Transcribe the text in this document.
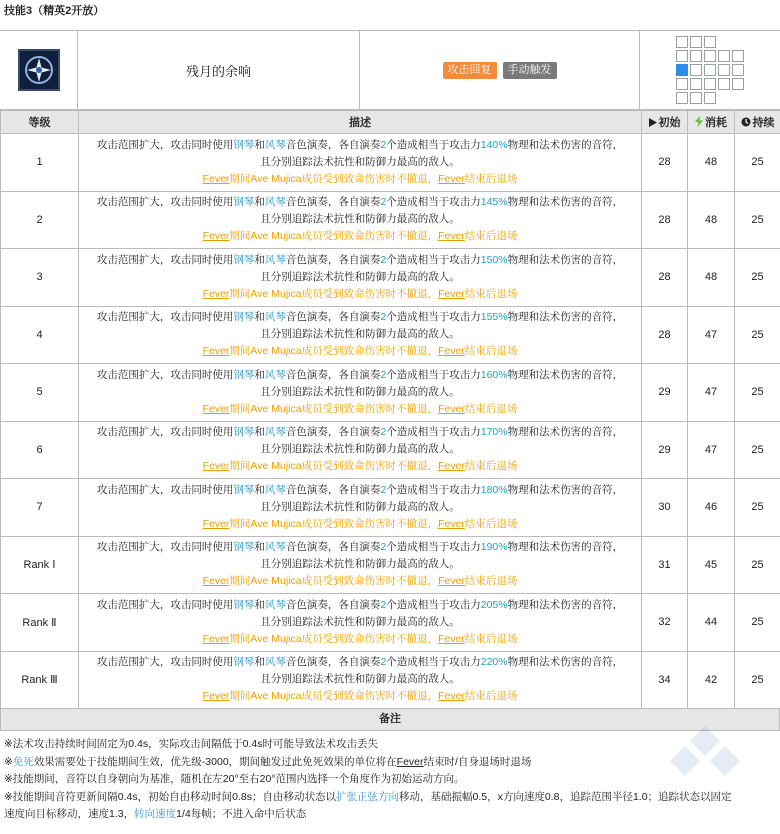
技能3（精英2开放）
残月的余响	攻击回复	手动触发
等级	描述	初始	消耗	持续
1	攻击范围扩大，攻击同时使用钢琴和风琴音色演奏，各自演奏2个造成相当于攻击力140%物理和法术伤害的音符，
且分别追踪法术抗性和防御力最高的敌人。
Fever期间Ave Mujica成员受到致命伤害时不撤退，Fever结束后退场	28	48	25
2	攻击范围扩大，攻击同时使用钢琴和风琴音色演奏，各自演奏2个造成相当于攻击力145%物理和法术伤害的音符，
且分别追踪法术抗性和防御力最高的敌人。
Fever期间Ave Mujica成员受到致命伤害时不撤退，Fever结束后退场	28	48	25
3	攻击范围扩大，攻击同时使用钢琴和风琴音色演奏，各自演奏2个造成相当于攻击力150%物理和法术伤害的音符，
且分别追踪法术抗性和防御力最高的敌人。
Fever期间Ave Mujica成员受到致命伤害时不撤退，Fever结束后退场	28	48	25
4	攻击范围扩大，攻击同时使用钢琴和风琴音色演奏，各自演奏2个造成相当于攻击力155%物理和法术伤害的音符，
且分别追踪法术抗性和防御力最高的敌人。
Fever期间Ave Mujica成员受到致命伤害时不撤退，Fever结束后退场	28	47	25
5	攻击范围扩大，攻击同时使用钢琴和风琴音色演奏，各自演奏2个造成相当于攻击力160%物理和法术伤害的音符，
且分别追踪法术抗性和防御力最高的敌人。
Fever期间Ave Mujica成员受到致命伤害时不撤退，Fever结束后退场	29	47	25
6	攻击范围扩大，攻击同时使用钢琴和风琴音色演奏，各自演奏2个造成相当于攻击力170%物理和法术伤害的音符，
且分别追踪法术抗性和防御力最高的敌人。
Fever期间Ave Mujica成员受到致命伤害时不撤退，Fever结束后退场	29	47	25
7	攻击范围扩大，攻击同时使用钢琴和风琴音色演奏，各自演奏2个造成相当于攻击力180%物理和法术伤害的音符，
且分别追踪法术抗性和防御力最高的敌人。
Fever期间Ave Mujica成员受到致命伤害时不撤退，Fever结束后退场	30	46	25
Rank Ⅰ	攻击范围扩大，攻击同时使用钢琴和风琴音色演奏，各自演奏2个造成相当于攻击力190%物理和法术伤害的音符，
且分别追踪法术抗性和防御力最高的敌人。
Fever期间Ave Mujica成员受到致命伤害时不撤退，Fever结束后退场	31	45	25
Rank Ⅱ	攻击范围扩大，攻击同时使用钢琴和风琴音色演奏，各自演奏2个造成相当于攻击力205%物理和法术伤害的音符，
且分别追踪法术抗性和防御力最高的敌人。
Fever期间Ave Mujica成员受到致命伤害时不撤退，Fever结束后退场	32	44	25
Rank Ⅲ	攻击范围扩大，攻击同时使用钢琴和风琴音色演奏，各自演奏2个造成相当于攻击力220%物理和法术伤害的音符，
且分别追踪法术抗性和防御力最高的敌人。
Fever期间Ave Mujica成员受到致命伤害时不撤退，Fever结束后退场	34	42	25
备注
※法术攻击持续时间固定为0.4s，实际攻击间隔低于0.4s时可能导致法术攻击丢失
※免死效果需要处于技能期间生效，优先级-3000，期间触发过此免死效果的单位将在Fever结束时/自身退场时退场
※技能期间，音符以自身朝向为基准，随机在左20°至右20°范围内选择一个角度作为初始运动方向。
※技能期间音符更新间隔0.4s，初始自由移动时间0.8s；自由移动状态以扩张正弦方向移动，基础振幅0.5，x方向速度0.8，追踪范围半径1.0；追踪状态以固定
速度向目标移动，速度1.3，转向速度1/4每帧；不进入命中后状态
